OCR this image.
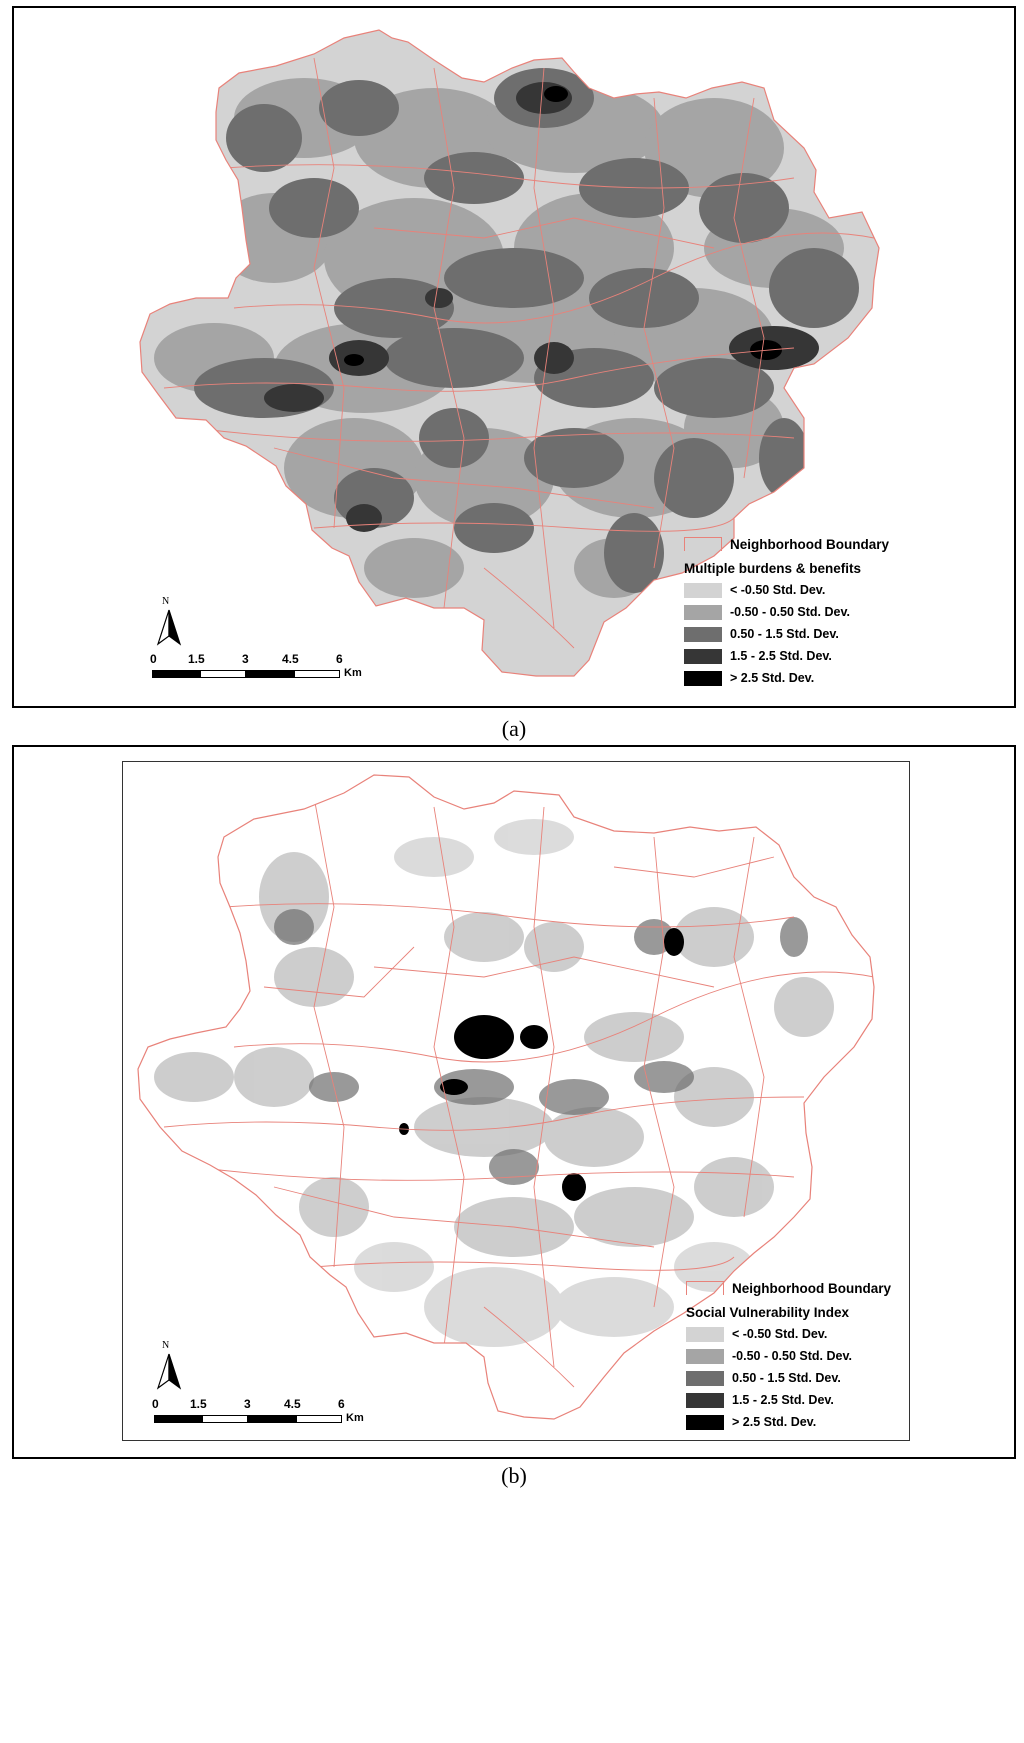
N
0	1.5	3	4.5	6
Km
Neighborhood Boundary
Multiple burdens & benefits
< -0.50 Std. Dev.
-0.50 - 0.50 Std. Dev.
0.50 - 1.5 Std. Dev.
1.5 - 2.5 Std. Dev.
> 2.5 Std. Dev.
(a)
N
0	1.5	3	4.5	6
Km
Neighborhood Boundary
Social Vulnerability Index
< -0.50 Std. Dev.
-0.50 - 0.50 Std. Dev.
0.50 - 1.5 Std. Dev.
1.5 - 2.5 Std. Dev.
> 2.5 Std. Dev.
(b)
